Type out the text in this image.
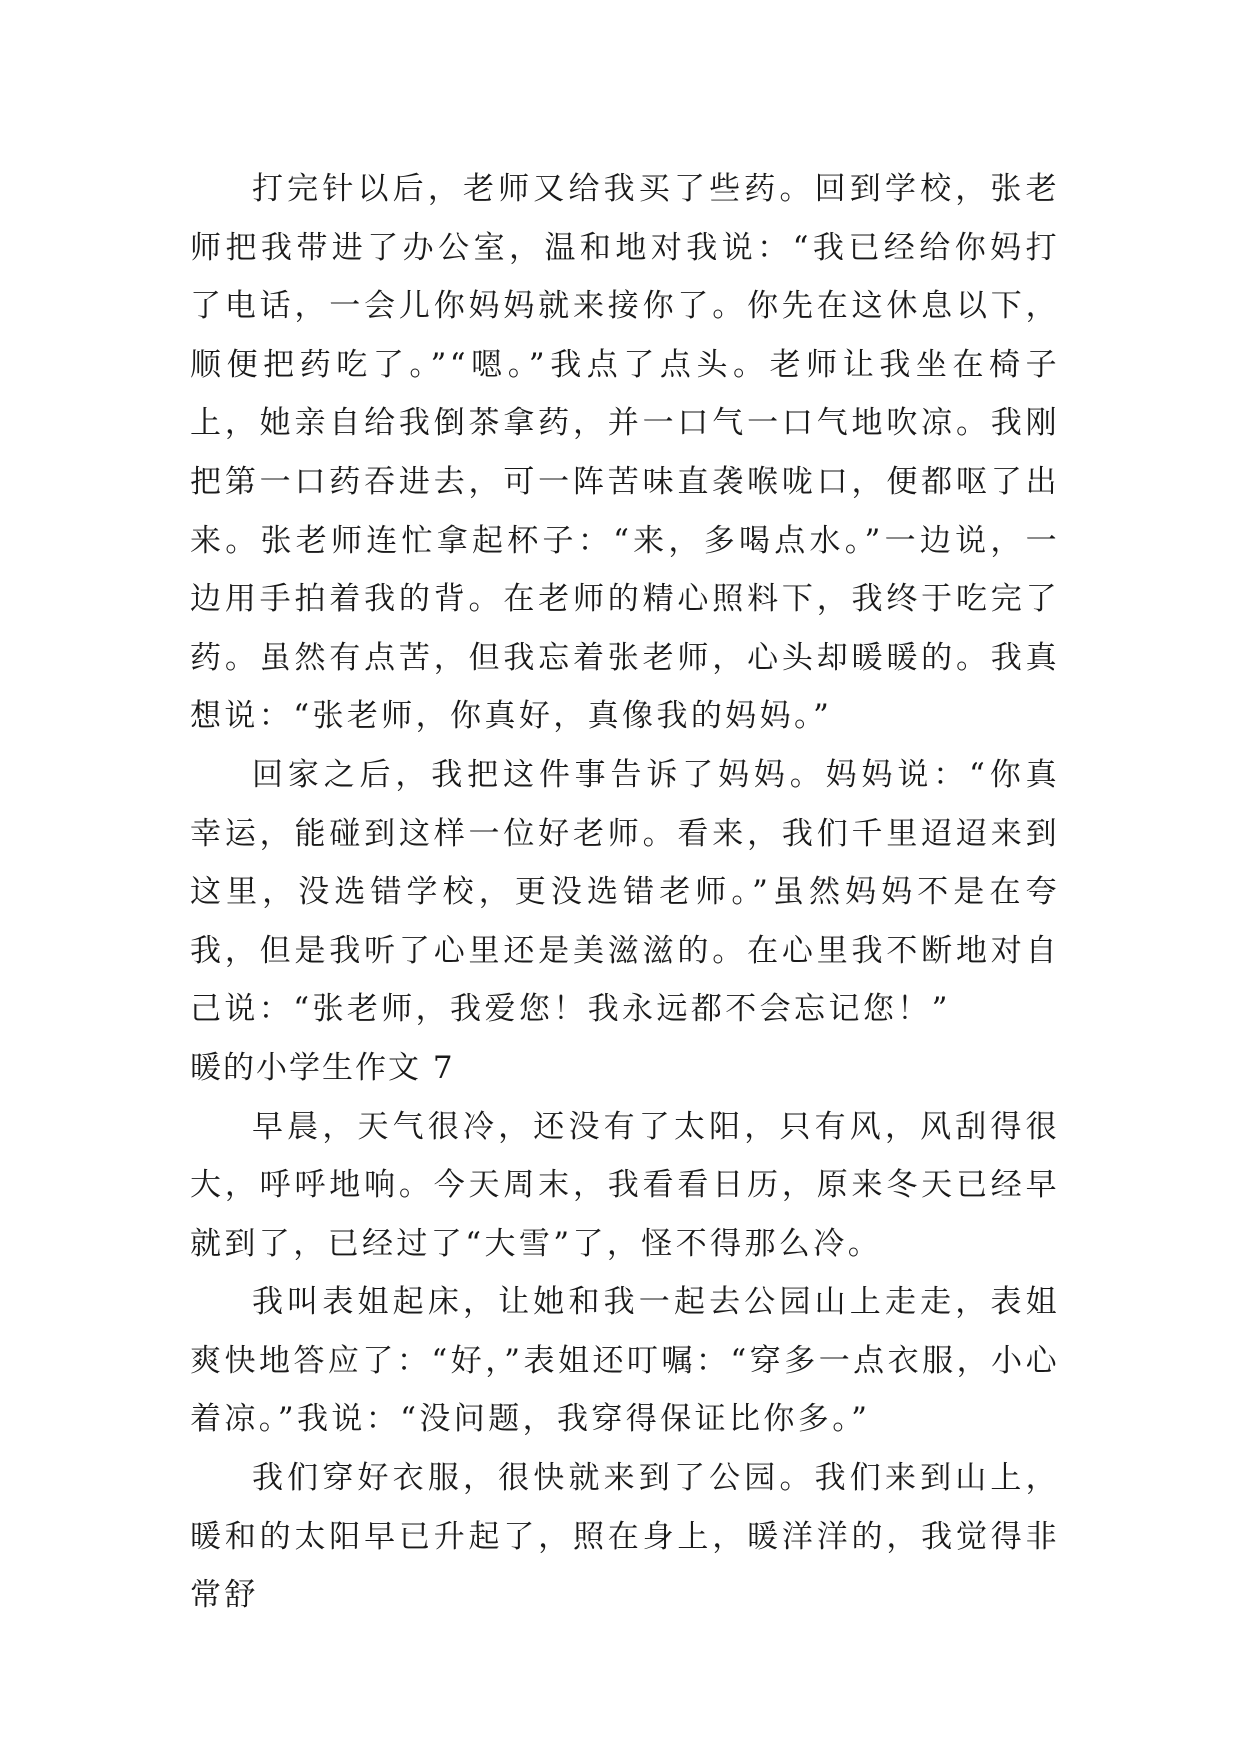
打完针以后，老师又给我买了些药。回到学校，张老师把我带进了办公室，温和地对我说：“我已经给你妈打了电话，一会儿你妈妈就来接你了。你先在这休息以下，顺便把药吃了。”“嗯。”我点了点头。老师让我坐在椅子上，她亲自给我倒茶拿药，并一口气一口气地吹凉。我刚把第一口药吞进去，可一阵苦味直袭喉咙口，便都呕了出来。张老师连忙拿起杯子：“来，多喝点水。”一边说，一边用手拍着我的背。在老师的精心照料下，我终于吃完了药。虽然有点苦，但我忘着张老师，心头却暖暖的。我真想说：“张老师，你真好，真像我的妈妈。”

回家之后，我把这件事告诉了妈妈。妈妈说：“你真幸运，能碰到这样一位好老师。看来，我们千里迢迢来到这里，没选错学校，更没选错老师。”虽然妈妈不是在夸我，但是我听了心里还是美滋滋的。在心里我不断地对自己说：“张老师，我爱您！我永远都不会忘记您！”

暖的小学生作文 7

早晨，天气很冷，还没有了太阳，只有风，风刮得很大，呼呼地响。今天周末，我看看日历，原来冬天已经早就到了，已经过了“大雪”了，怪不得那么冷。

我叫表姐起床，让她和我一起去公园山上走走，表姐爽快地答应了：“好，”表姐还叮嘱：“穿多一点衣服，小心着凉。”我说：“没问题，我穿得保证比你多。”

我们穿好衣服，很快就来到了公园。我们来到山上，暖和的太阳早已升起了，照在身上，暖洋洋的，我觉得非常舒
